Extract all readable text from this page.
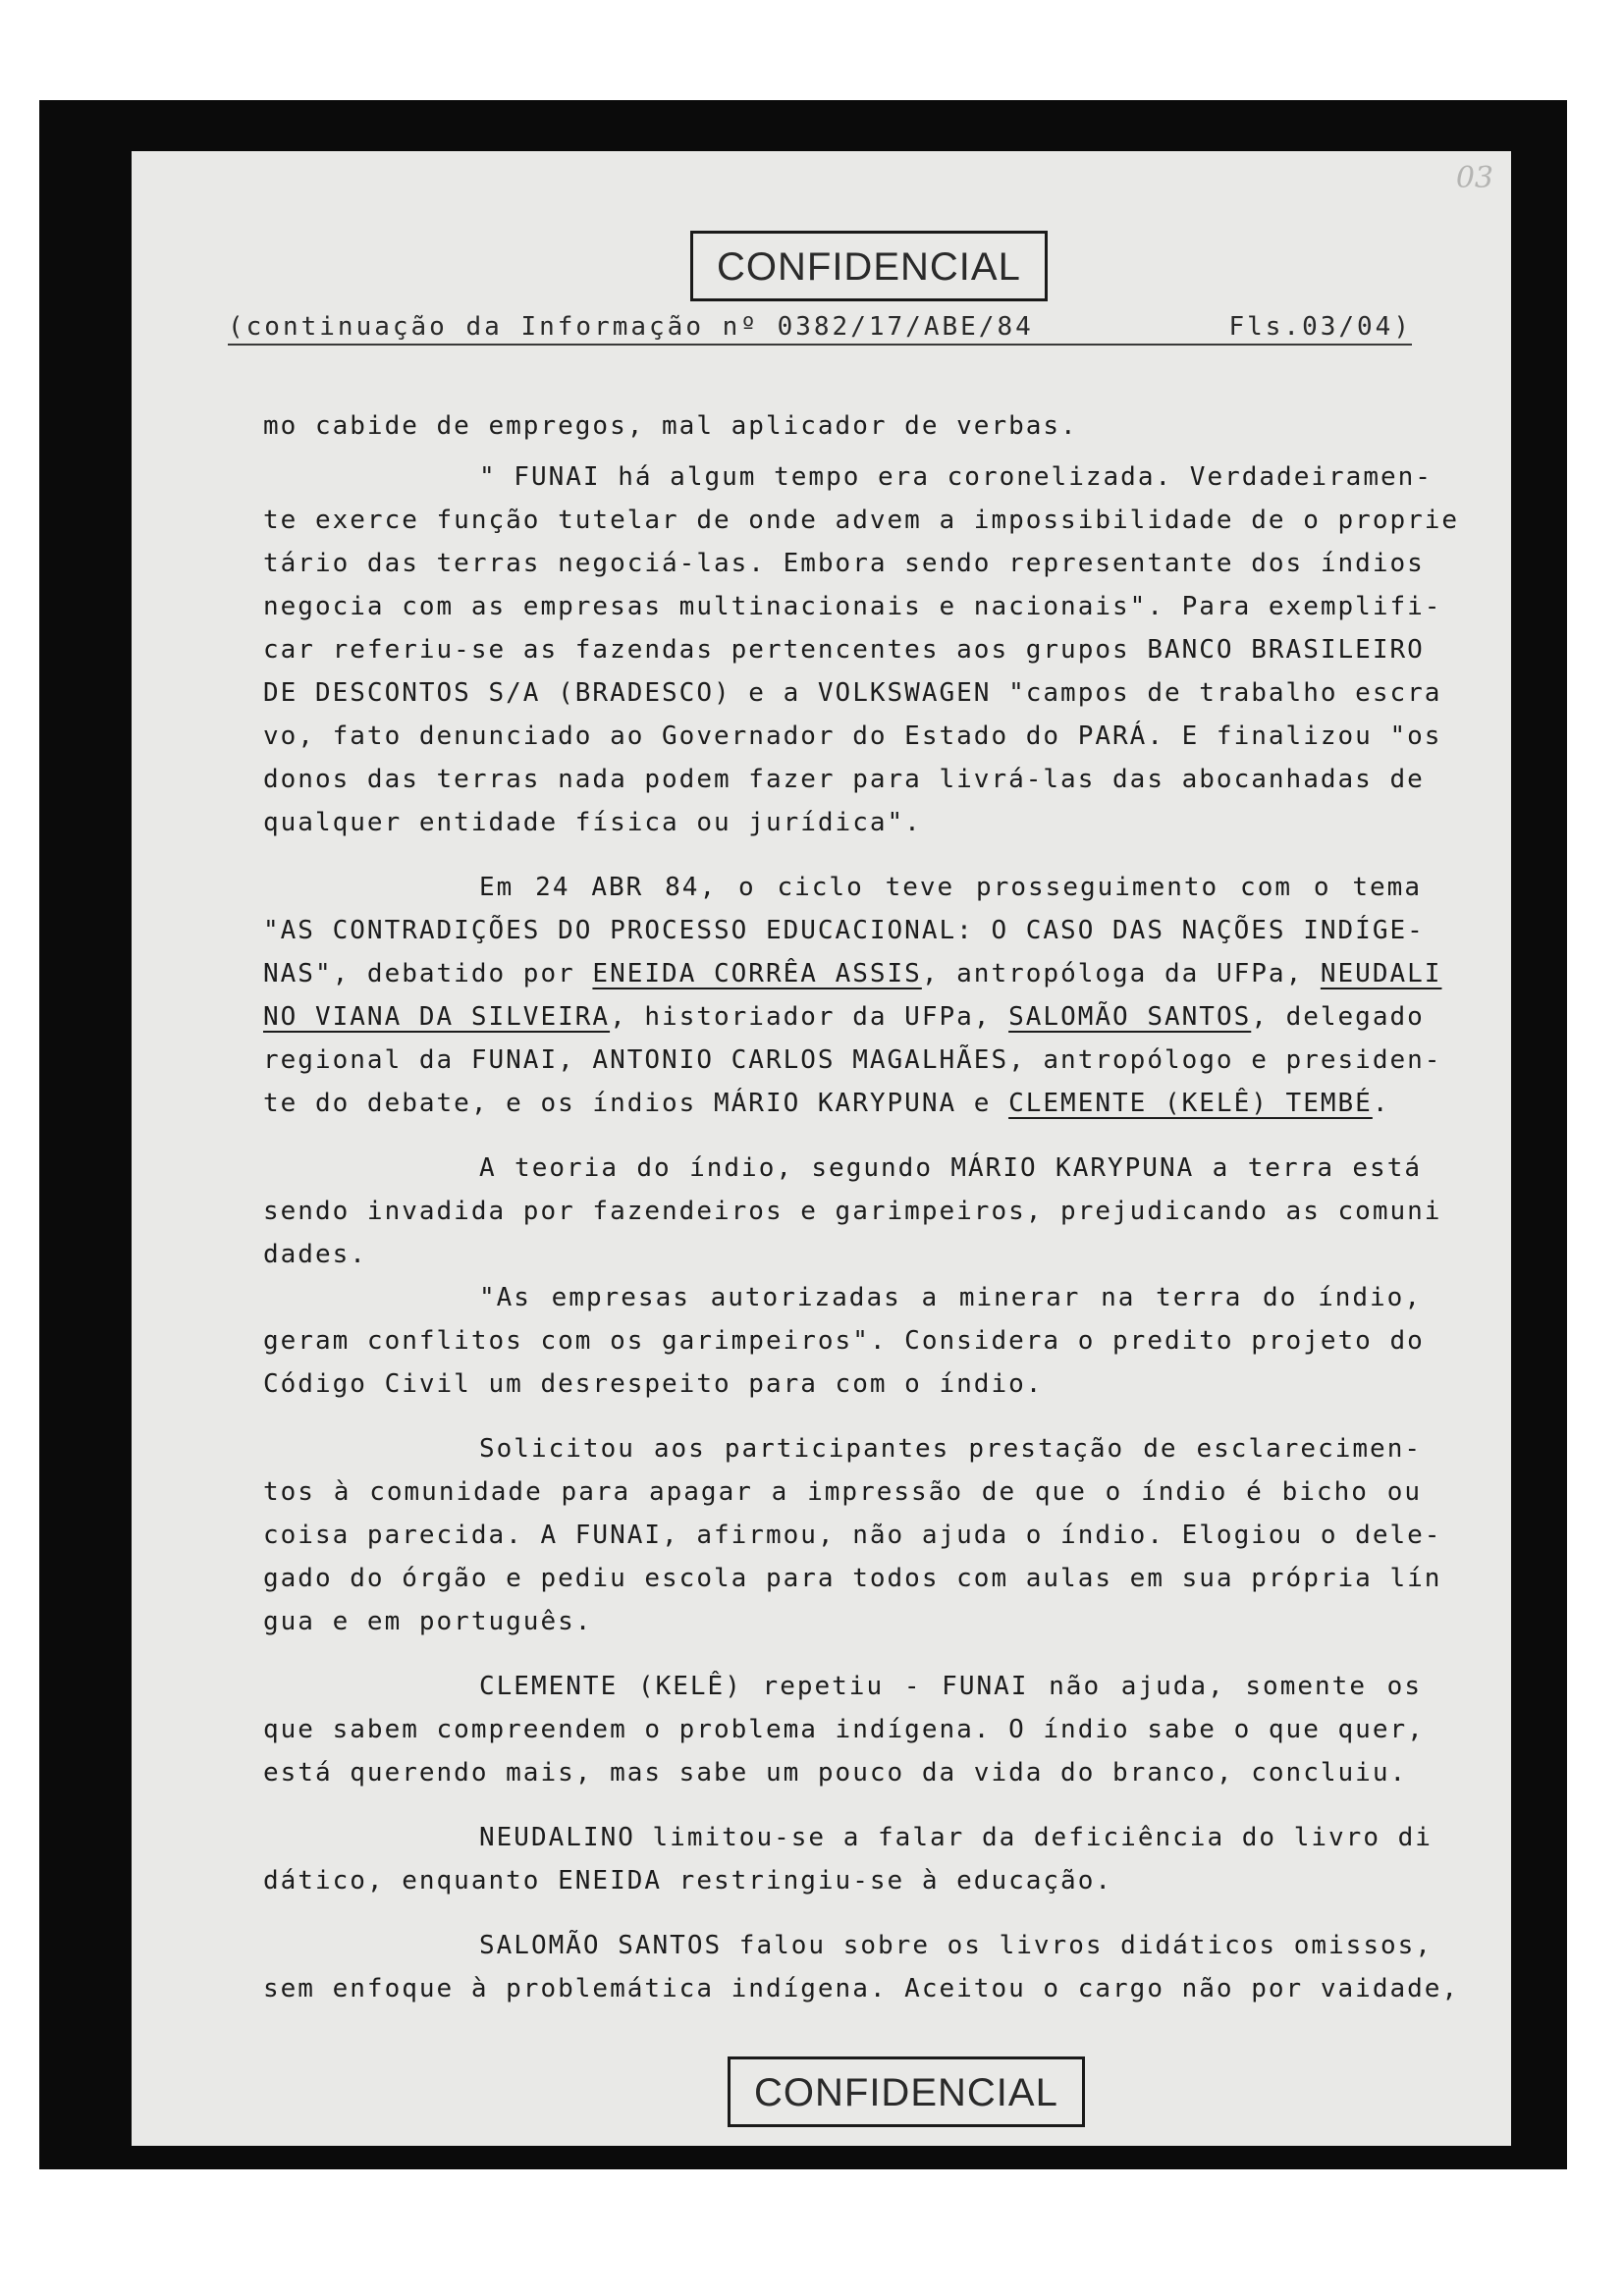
03
CONFIDENCIAL
(continuação da Informação nº 0382/17/ABE/84	Fls.03/04)
mo cabide de empregos, mal aplicador de verbas.
" FUNAI há algum tempo era coronelizada. Verdadeiramen-
te exerce função tutelar de onde advem a impossibilidade de o proprie
tário das terras negociá-las. Embora sendo representante dos índios
negocia com as empresas multinacionais e nacionais". Para exemplifi-
car referiu-se as fazendas pertencentes aos grupos BANCO BRASILEIRO
DE DESCONTOS S/A (BRADESCO) e a VOLKSWAGEN "campos de trabalho escra
vo, fato denunciado ao Governador do Estado do PARÁ. E finalizou "os
donos das terras nada podem fazer para livrá-las das abocanhadas de
qualquer entidade física ou jurídica".
Em 24 ABR 84, o ciclo teve prosseguimento com o tema
"AS CONTRADIÇÕES DO PROCESSO EDUCACIONAL: O CASO DAS NAÇÕES INDÍGE-
NAS", debatido por ENEIDA CORRÊA ASSIS, antropóloga da UFPa, NEUDALI
NO VIANA DA SILVEIRA, historiador da UFPa, SALOMÃO SANTOS, delegado
regional da FUNAI, ANTONIO CARLOS MAGALHÃES, antropólogo e presiden-
te do debate, e os índios MÁRIO KARYPUNA e CLEMENTE (KELÊ) TEMBÉ.
A teoria do índio, segundo MÁRIO KARYPUNA a terra está
sendo invadida por fazendeiros e garimpeiros, prejudicando as comuni
dades.
"As empresas autorizadas a minerar na terra do índio,
geram conflitos com os garimpeiros". Considera o predito projeto do
Código Civil um desrespeito para com o índio.
Solicitou aos participantes prestação de esclarecimen-
tos à comunidade para apagar a impressão de que o índio é bicho ou
coisa parecida. A FUNAI, afirmou, não ajuda o índio. Elogiou o dele-
gado do órgão e pediu escola para todos com aulas em sua própria lín
gua e em português.
CLEMENTE (KELÊ) repetiu - FUNAI não ajuda, somente os
que sabem compreendem o problema indígena. O índio sabe o que quer,
está querendo mais, mas sabe um pouco da vida do branco, concluiu.
NEUDALINO limitou-se a falar da deficiência do livro di
dático, enquanto ENEIDA restringiu-se à educação.
SALOMÃO SANTOS falou sobre os livros didáticos omissos,
sem enfoque à problemática indígena. Aceitou o cargo não por vaidade,
CONFIDENCIAL
